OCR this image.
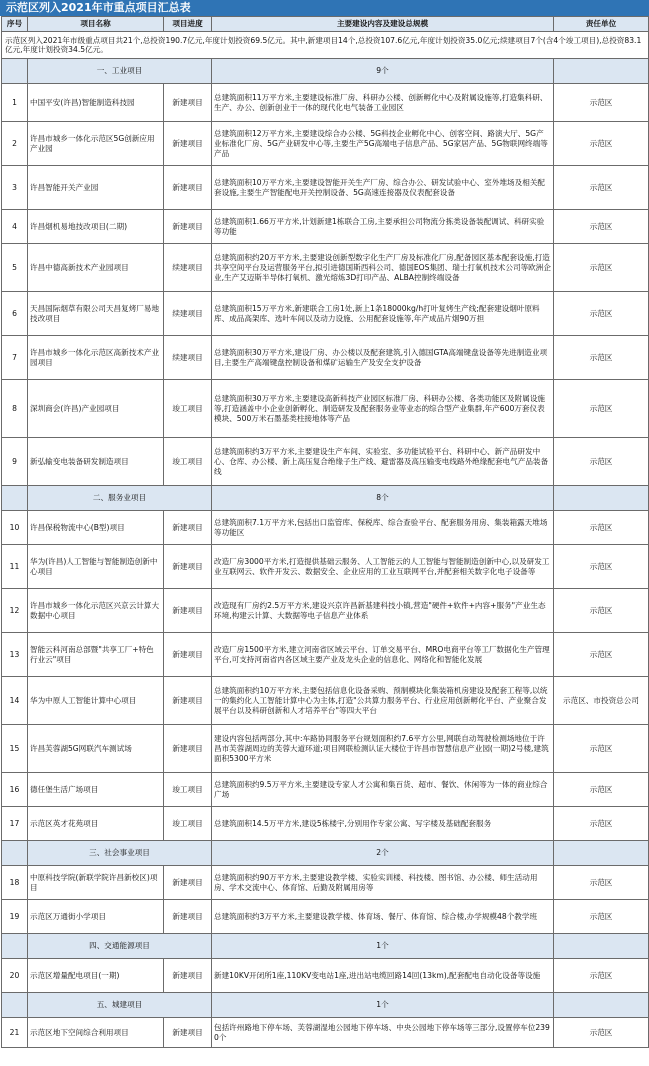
示范区列入2021年市重点项目汇总表
序号	项目名称	项目进度	主要建设内容及建设总规模	责任单位
示范区列入2021年市级重点项目共21个,总投资190.7亿元,年度计划投资69.5亿元。其中,新建项目14个,总投资107.6亿元,年度计划投资35.0亿元;续建项目7个(含4个竣工项目),总投资83.1亿元,年度计划投资34.5亿元。				
	一、工业项目		9个	
1	中国平安(许昌)智能制造科技园	新建项目	总建筑面积11万平方米,主要建设标准厂房、科研办公楼、创新孵化中心及附属设施等,打造集科研、生产、办公、创新创业于一体的现代化电气装备工业园区	示范区
2	许昌市城乡一体化示范区5G创新应用产业园	新建项目	总建筑面积12万平方米,主要建设综合办公楼、5G科技企业孵化中心、创客空间、路演大厅、5G产业标准化厂房、5G产业研发中心等,主要生产5G高端电子信息产品、5G家居产品、5G物联网终端等产品	示范区
3	许昌智能开关产业园	新建项目	总建筑面积10万平方米,主要建设智能开关生产厂房、综合办公、研发试验中心、室外堆场及相关配套设施,主要生产智能配电开关控制设备、5G高速连接器及仪表配套设备	示范区
4	许昌烟机易地技改项目(二期)	新建项目	总建筑面积1.66万平方米,计划新建1栋联合工房,主要承担公司物流分拣类设备装配调试、科研实验等功能	示范区
5	许昌中德高新技术产业园项目	续建项目	总建筑面积约20万平方米,主要建设创新型数字化生产厂房及标准化厂房,配备园区基本配套设施,打造共享空间平台及运营服务平台,拟引进德国斯西科公司、德国EOS集团、瑞士打氧机技术公司等欧洲企业,生产艾迈斯半导体打氧机、激光熔炼3D打印产品、ALBA控制终端设备	示范区
6	天昌国际烟草有限公司天昌复烤厂易地技改项目	续建项目	总建筑面积15万平方米,新建联合工房1处,新上1条18000kg/h打叶复烤生产线;配套建设烟叶原料库、成品高架库、选叶车间以及动力设施、公用配套设施等,年产成品片烟90万担	示范区
7	许昌市城乡一体化示范区高新技术产业园项目	续建项目	总建筑面积30万平方米,建设厂房、办公楼以及配套建筑,引入德国GTA高端键盘设备等先进制造业项目,主要生产高端键盘控制设备和煤矿运输生产及安全支护设备	示范区
8	深圳商会(许昌)产业园项目	竣工项目	总建筑面积30万平方米,主要建设高新科技产业园区标准厂房、科研办公楼、各类功能区及附属设施等,打造涵盖中小企业创新孵化、制造研发及配套服务业等业态的综合型产业集群,年产600万套仪表模块、500万米石墨基类柱接地体等产品	示范区
9	新弘输变电装备研发制造项目	竣工项目	总建筑面积约3万平方米,主要建设生产车间、实验室、多功能试验平台、科研中心、新产品研发中心、仓库、办公楼、新上高压复合绝缘子生产线、避雷器及高压输变电线路外绝缘配套电气产品装备线	示范区
	二、服务业项目		8个	
10	许昌保税物流中心(B型)项目	新建项目	总建筑面积7.1万平方米,包括出口监管库、保税库、综合查验平台、配套服务用房、集装箱露天堆场等功能区	示范区
11	华为(许昌)人工智能与智能制造创新中心项目	新建项目	改造厂房3000平方米,打造提供基础云服务、人工智能云的人工智能与智能制造创新中心,以及研发工业互联网云、软件开发云、数据安全、企业应用的工业互联网平台,并配套相关数字化电子设备等	示范区
12	许昌市城乡一体化示范区兴京云计算大数据中心项目	新建项目	改造现有厂房约2.5万平方米,建设兴京许昌新基建科技小镇,营造"硬件+软件+内容+服务"产业生态环境,构建云计算、大数据等电子信息产业体系	示范区
13	智能云科河南总部暨"共享工厂+特色行业云"项目	新建项目	改造厂房1500平方米,建立河南省区域云平台、订单交易平台、MRO电商平台等工厂数据化生产管理平台,可支持河南省内各区域主要产业及龙头企业的信息化、网络化和智能化发展	示范区
14	华为中原人工智能计算中心项目	新建项目	总建筑面积约10万平方米,主要包括信息化设备采购、预制模块化集装箱机房建设及配套工程等,以统一的集约化人工智能计算中心为主体,打造"公共算力服务平台、行业应用创新孵化平台、产业聚合发展平台以及科研创新和人才培养平台"等四大平台	示范区、市投资总公司
15	许昌芙蓉湖5G网联汽车测试场	新建项目	建设内容包括两部分,其中:车路协同服务平台规划面积约7.6平方公里,网联自动驾驶检测场地位于许昌市芙蓉湖周边的芙蓉大道环道;项目网联检测认证大楼位于许昌市智慧信息产业园(一期)2号楼,建筑面积5300平方米	示范区
16	德任堡生活广场项目	竣工项目	总建筑面积约9.5万平方米,主要建设专家人才公寓和集百货、超市、餐饮、休闲等为一体的商业综合广场	示范区
17	示范区英才花苑项目	竣工项目	总建筑面积14.5万平方米,建设5栋楼宇,分别用作专家公寓、写字楼及基础配套服务	示范区
	三、社会事业项目		2个	
18	中原科技学院(新联学院许昌新校区)项目	新建项目	总建筑面积约90万平方米,主要建设教学楼、实验实训楼、科技楼、图书馆、办公楼、师生活动用房、学术交流中心、体育馆、后勤及附属用房等	示范区
19	示范区万通街小学项目	新建项目	总建筑面积约3万平方米,主要建设教学楼、体育场、餐厅、体育馆、综合楼,办学规模48个教学班	示范区
	四、交通能源项目		1个	
20	示范区增量配电项目(一期)	新建项目	新建10KV开闭所1座,110KV变电站1座,进出站电缆回路14回(13km),配套配电自动化设备等设施	示范区
	五、城建项目		1个	
21	示范区地下空间综合利用项目	新建项目	包括许州路地下停车场、芙蓉湖湿地公园地下停车场、中央公园地下停车场等三部分,设置停车位2390个	示范区
